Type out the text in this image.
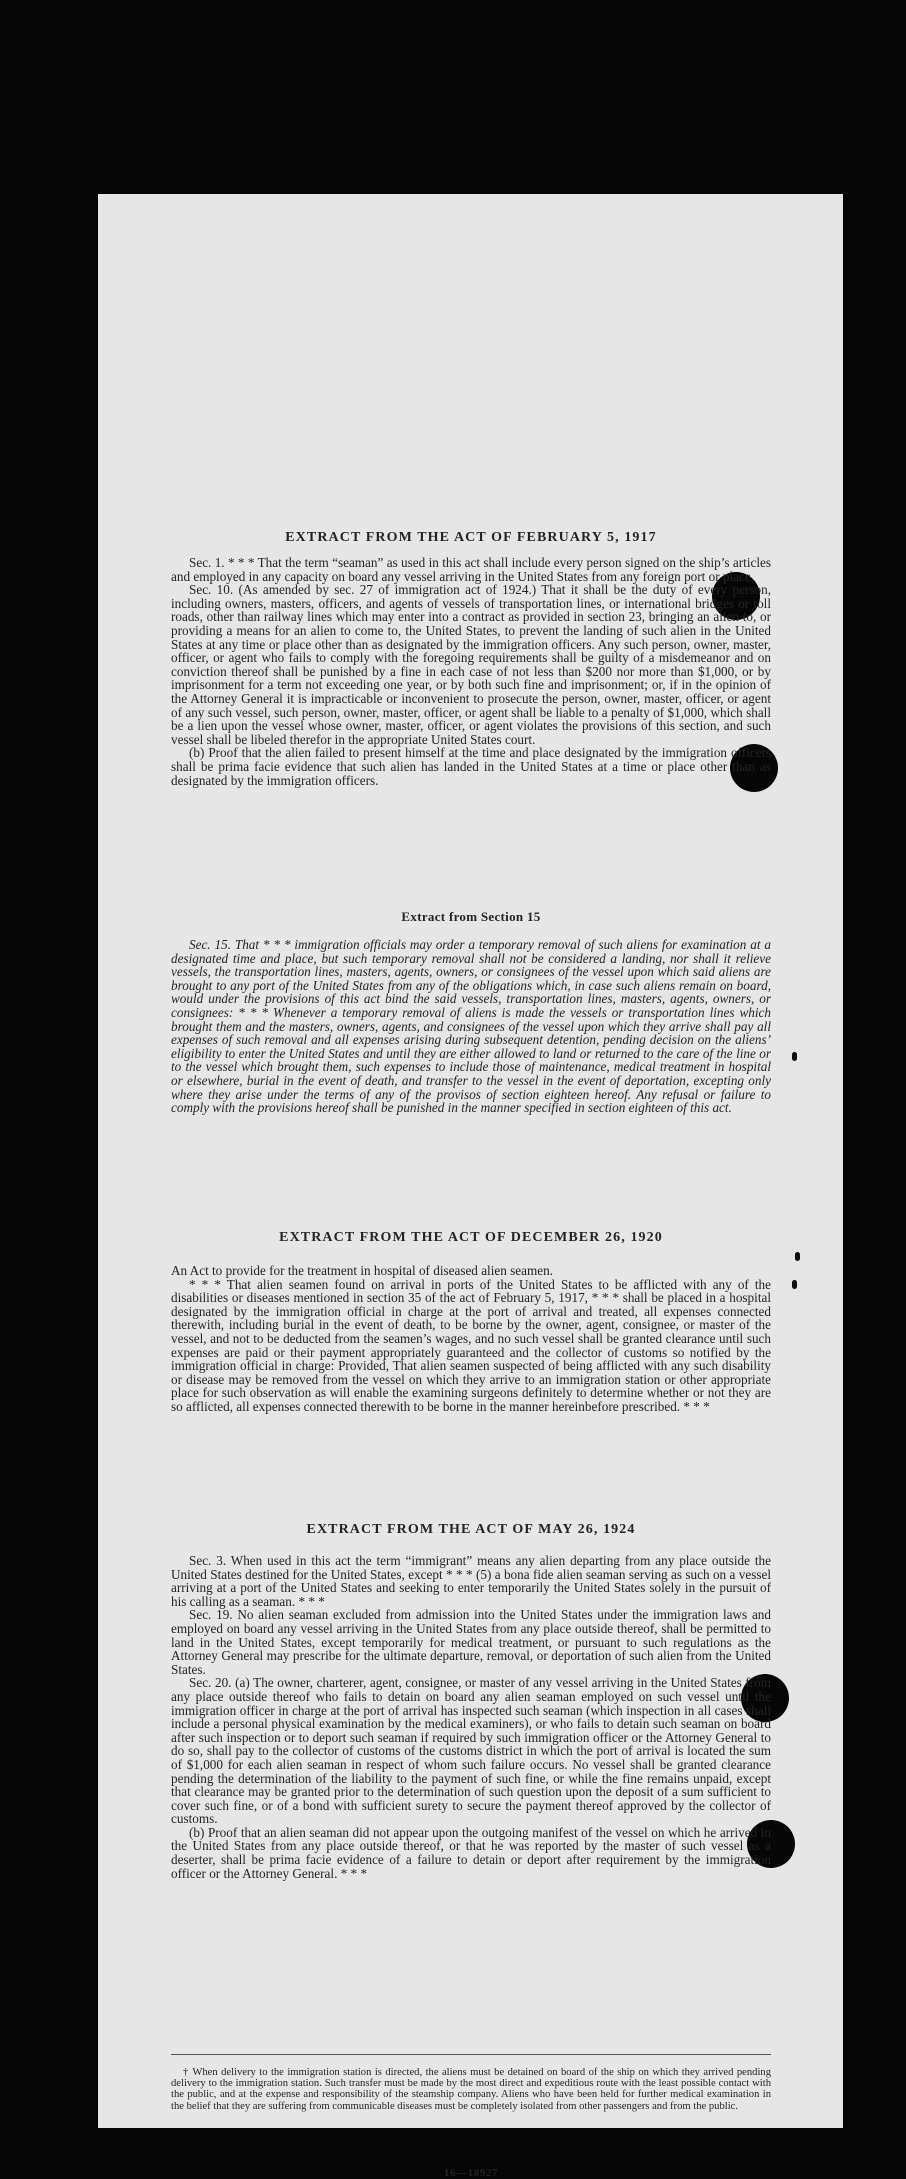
EXTRACT FROM THE ACT OF FEBRUARY 5, 1917

Sec. 1. * * * That the term “seaman” as used in this act shall include every person signed on the ship’s articles and employed in any capacity on board any vessel arriving in the United States from any foreign port or place.

Sec. 10. (As amended by sec. 27 of immigration act of 1924.) That it shall be the duty of every person, including owners, masters, officers, and agents of vessels of transportation lines, or international bridges or toll roads, other than railway lines which may enter into a contract as provided in section 23, bringing an alien to, or providing a means for an alien to come to, the United States, to prevent the landing of such alien in the United States at any time or place other than as designated by the immigration officers. Any such person, owner, master, officer, or agent who fails to comply with the foregoing requirements shall be guilty of a misdemeanor and on conviction thereof shall be punished by a fine in each case of not less than $200 nor more than $1,000, or by imprisonment for a term not exceeding one year, or by both such fine and imprisonment; or, if in the opinion of the Attorney General it is impracticable or inconvenient to prosecute the person, owner, master, officer, or agent of any such vessel, such person, owner, master, officer, or agent shall be liable to a penalty of $1,000, which shall be a lien upon the vessel whose owner, master, officer, or agent violates the provisions of this section, and such vessel shall be libeled therefor in the appropriate United States court.

(b) Proof that the alien failed to present himself at the time and place designated by the immigration officers shall be prima facie evidence that such alien has landed in the United States at a time or place other than as designated by the immigration officers.

Extract from Section 15

Sec. 15. That * * * immigration officials may order a temporary removal of such aliens for examination at a designated time and place, but such temporary removal shall not be considered a landing, nor shall it relieve vessels, the transportation lines, masters, agents, owners, or consignees of the vessel upon which said aliens are brought to any port of the United States from any of the obligations which, in case such aliens remain on board, would under the provisions of this act bind the said vessels, transportation lines, masters, agents, owners, or consignees: * * * Whenever a temporary removal of aliens is made the vessels or transportation lines which brought them and the masters, owners, agents, and consignees of the vessel upon which they arrive shall pay all expenses of such removal and all expenses arising during subsequent detention, pending decision on the aliens’ eligibility to enter the United States and until they are either allowed to land or returned to the care of the line or to the vessel which brought them, such expenses to include those of maintenance, medical treatment in hospital or elsewhere, burial in the event of death, and transfer to the vessel in the event of deportation, excepting only where they arise under the terms of any of the provisos of section eighteen hereof. Any refusal or failure to comply with the provisions hereof shall be punished in the manner specified in section eighteen of this act.

EXTRACT FROM THE ACT OF DECEMBER 26, 1920

An Act to provide for the treatment in hospital of diseased alien seamen.

* * * That alien seamen found on arrival in ports of the United States to be afflicted with any of the disabilities or diseases mentioned in section 35 of the act of February 5, 1917, * * * shall be placed in a hospital designated by the immigration official in charge at the port of arrival and treated, all expenses connected therewith, including burial in the event of death, to be borne by the owner, agent, consignee, or master of the vessel, and not to be deducted from the seamen’s wages, and no such vessel shall be granted clearance until such expenses are paid or their payment appropriately guaranteed and the collector of customs so notified by the immigration official in charge: Provided, That alien seamen suspected of being afflicted with any such disability or disease may be removed from the vessel on which they arrive to an immigration station or other appropriate place for such observation as will enable the examining surgeons definitely to determine whether or not they are so afflicted, all expenses connected therewith to be borne in the manner hereinbefore prescribed. * * *

EXTRACT FROM THE ACT OF MAY 26, 1924

Sec. 3. When used in this act the term “immigrant” means any alien departing from any place outside the United States destined for the United States, except * * * (5) a bona fide alien seaman serving as such on a vessel arriving at a port of the United States and seeking to enter temporarily the United States solely in the pursuit of his calling as a seaman. * * *

Sec. 19. No alien seaman excluded from admission into the United States under the immigration laws and employed on board any vessel arriving in the United States from any place outside thereof, shall be permitted to land in the United States, except temporarily for medical treatment, or pursuant to such regulations as the Attorney General may prescribe for the ultimate departure, removal, or deportation of such alien from the United States.

Sec. 20. (a) The owner, charterer, agent, consignee, or master of any vessel arriving in the United States from any place outside thereof who fails to detain on board any alien seaman employed on such vessel until the immigration officer in charge at the port of arrival has inspected such seaman (which inspection in all cases shall include a personal physical examination by the medical examiners), or who fails to detain such seaman on board after such inspection or to deport such seaman if required by such immigration officer or the Attorney General to do so, shall pay to the collector of customs of the customs district in which the port of arrival is located the sum of $1,000 for each alien seaman in respect of whom such failure occurs. No vessel shall be granted clearance pending the determination of the liability to the payment of such fine, or while the fine remains unpaid, except that clearance may be granted prior to the determination of such question upon the deposit of a sum sufficient to cover such fine, or of a bond with sufficient surety to secure the payment thereof approved by the collector of customs.

(b) Proof that an alien seaman did not appear upon the outgoing manifest of the vessel on which he arrived in the United States from any place outside thereof, or that he was reported by the master of such vessel as a deserter, shall be prima facie evidence of a failure to detain or deport after requirement by the immigration officer or the Attorney General. * * *

† When delivery to the immigration station is directed, the aliens must be detained on board of the ship on which they arrived pending delivery to the immigration station. Such transfer must be made by the most direct and expeditious route with the least possible contact with the public, and at the expense and responsibility of the steamship company. Aliens who have been held for further medical examination in the belief that they are suffering from communicable diseases must be completely isolated from other passengers and from the public.

16—18927
